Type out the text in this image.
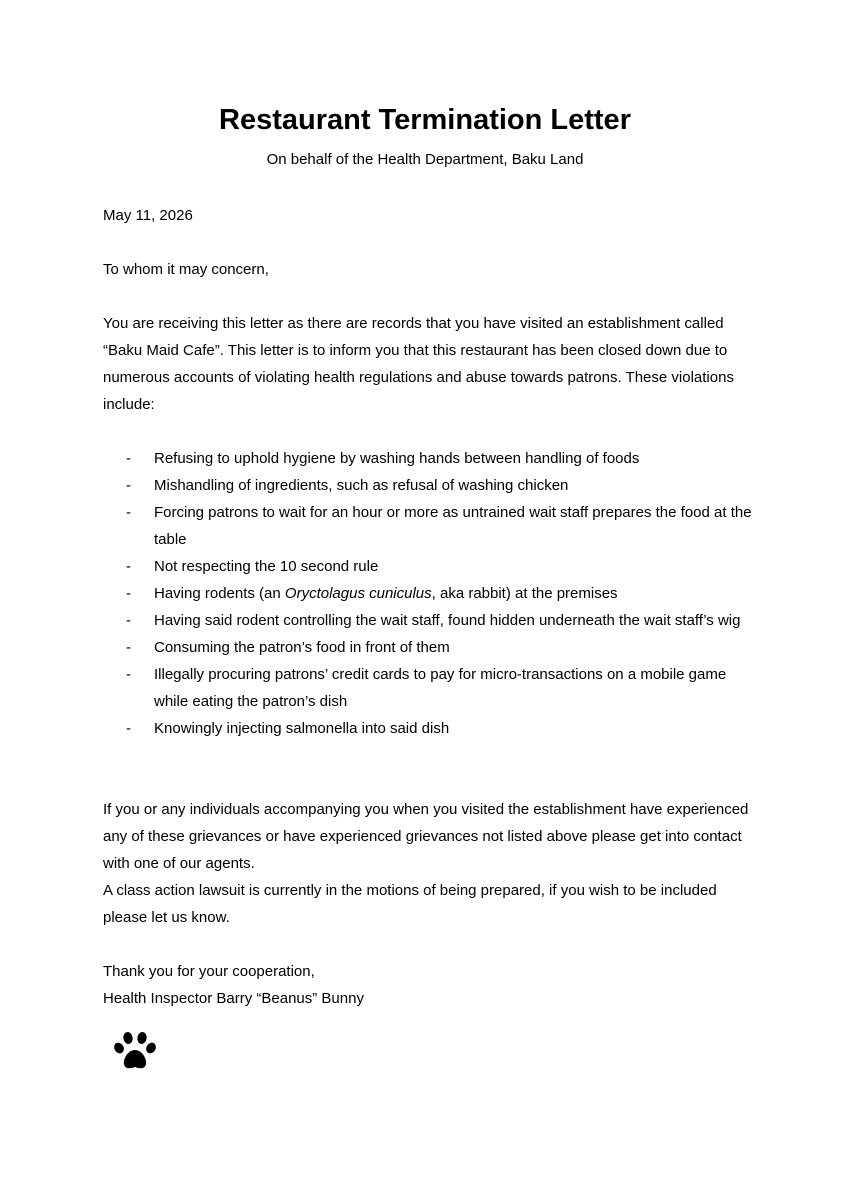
Restaurant Termination Letter

On behalf of the Health Department, Baku Land

May 11, 2026

To whom it may concern,

You are receiving this letter as there are records that you have visited an establishment called “Baku Maid Cafe”. This letter is to inform you that this restaurant has been closed down due to numerous accounts of violating health regulations and abuse towards patrons. These violations include:

- Refusing to uphold hygiene by washing hands between handling of foods
- Mishandling of ingredients, such as refusal of washing chicken
- Forcing patrons to wait for an hour or more as untrained wait staff prepares the food at the table
- Not respecting the 10 second rule
- Having rodents (an Oryctolagus cuniculus, aka rabbit) at the premises
- Having said rodent controlling the wait staff, found hidden underneath the wait staff’s wig
- Consuming the patron’s food in front of them
- Illegally procuring patrons’ credit cards to pay for micro-transactions on a mobile game while eating the patron’s dish
- Knowingly injecting salmonella into said dish
If you or any individuals accompanying you when you visited the establishment have experienced any of these grievances or have experienced grievances not listed above please get into contact with one of our agents.
A class action lawsuit is currently in the motions of being prepared, if you wish to be included please let us know.
Thank you for your cooperation,
Health Inspector Barry “Beanus” Bunny
